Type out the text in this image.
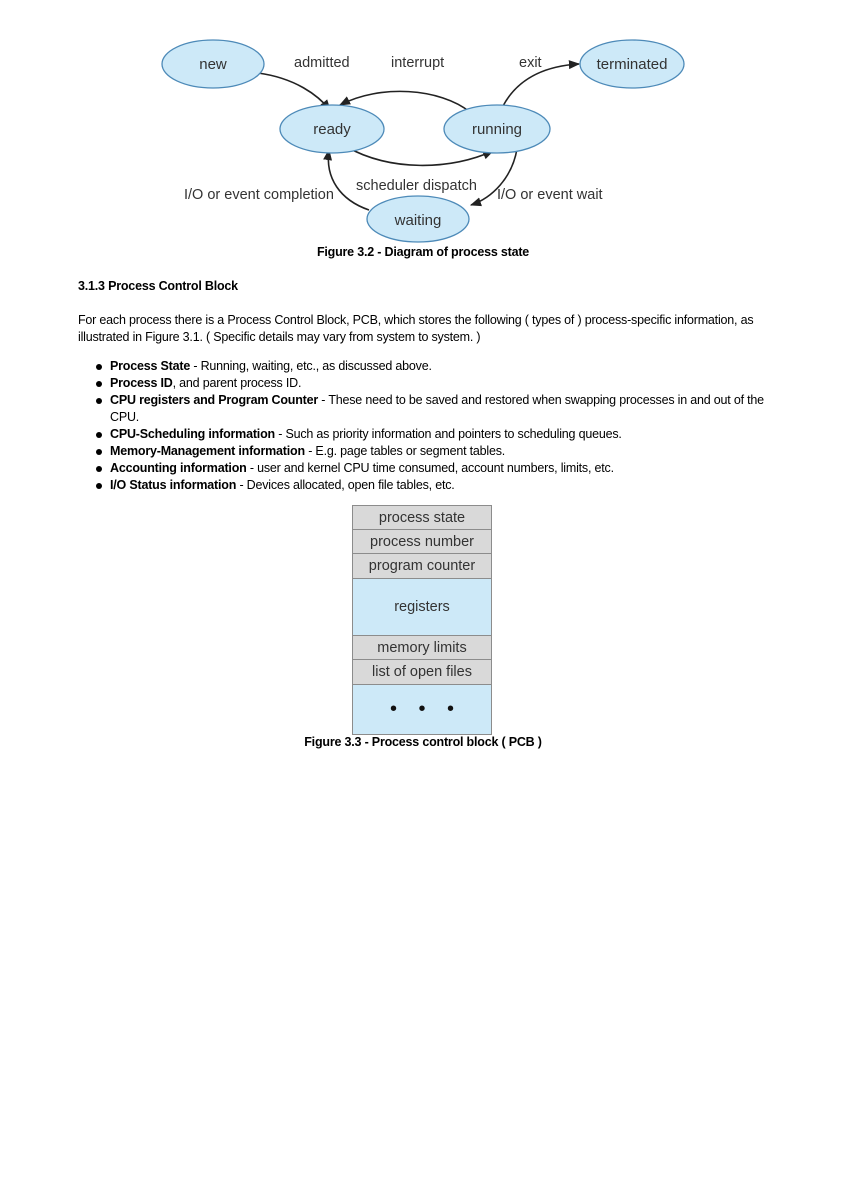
new
ready	running
terminated
waiting
admitted	interrupt	exit
scheduler dispatch
I/O or event completion	I/O or event wait
Figure 3.2 - Diagram of process state
3.1.3 Process Control Block

For each process there is a Process Control Block, PCB, which stores the following ( types of ) process-specific information, as illustrated in Figure 3.1. ( Specific details may vary from system to system. )

Process State - Running, waiting, etc., as discussed above.
Process ID, and parent process ID.
CPU registers and Program Counter - These need to be saved and restored when swapping processes in and out of the CPU.
CPU-Scheduling information - Such as priority information and pointers to scheduling queues.
Memory-Management information - E.g. page tables or segment tables.
Accounting information - user and kernel CPU time consumed, account numbers, limits, etc.
I/O Status information - Devices allocated, open file tables, etc.
process state
process number
program counter
registers
memory limits
list of open files
• • •
Figure 3.3 - Process control block ( PCB )
